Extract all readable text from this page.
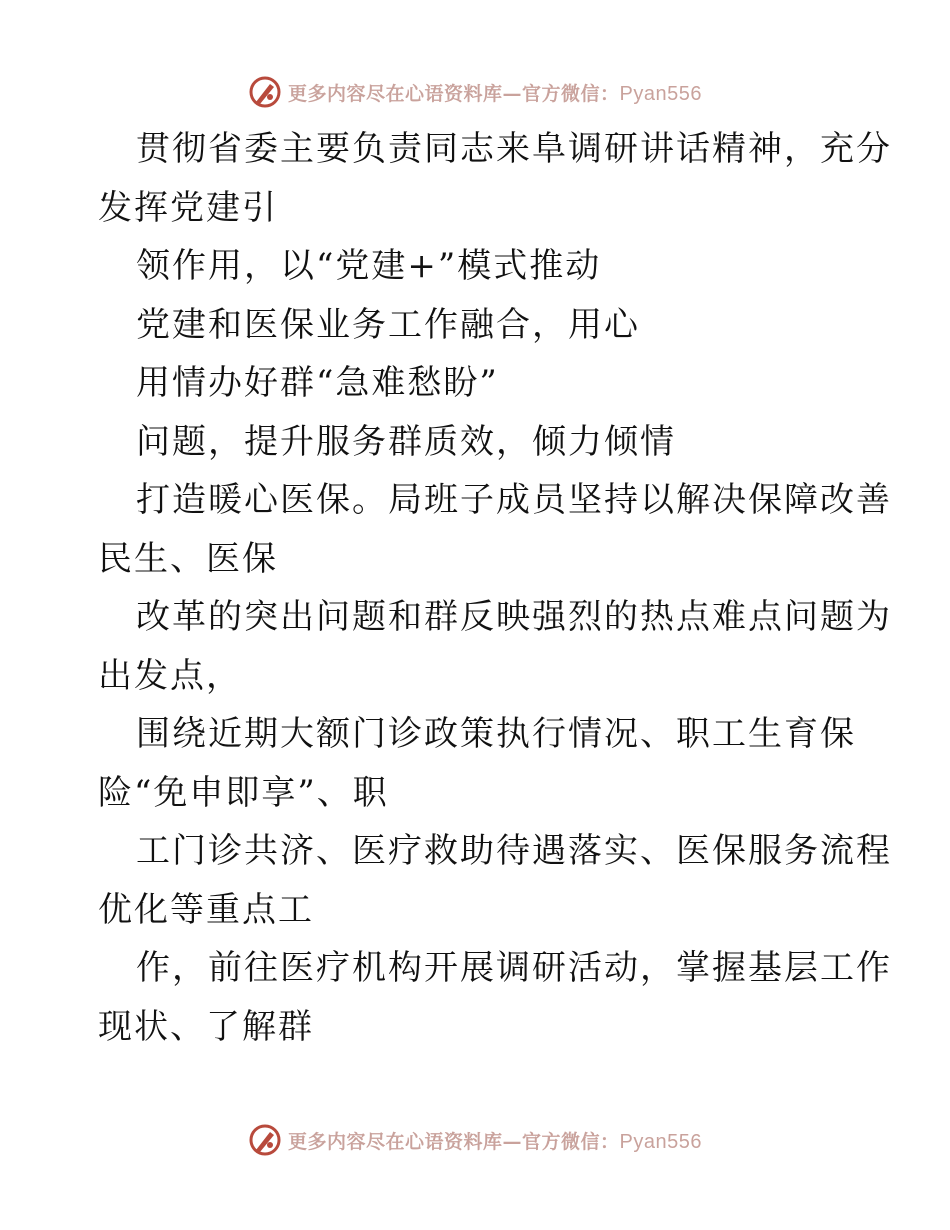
更多内容尽在心语资料库—官方微信：Pyan556
贯彻省委主要负责同志来阜调研讲话精神，充分
发挥党建引
领作用，以“党建+”模式推动
党建和医保业务工作融合，用心
用情办好群“急难愁盼”
问题，提升服务群质效，倾力倾情
打造暖心医保。局班子成员坚持以解决保障改善
民生、医保
改革的突出问题和群反映强烈的热点难点问题为
出发点，
围绕近期大额门诊政策执行情况、职工生育保
险“免申即享”、职
工门诊共济、医疗救助待遇落实、医保服务流程
优化等重点工
作，前往医疗机构开展调研活动，掌握基层工作
现状、了解群
更多内容尽在心语资料库—官方微信：Pyan556
